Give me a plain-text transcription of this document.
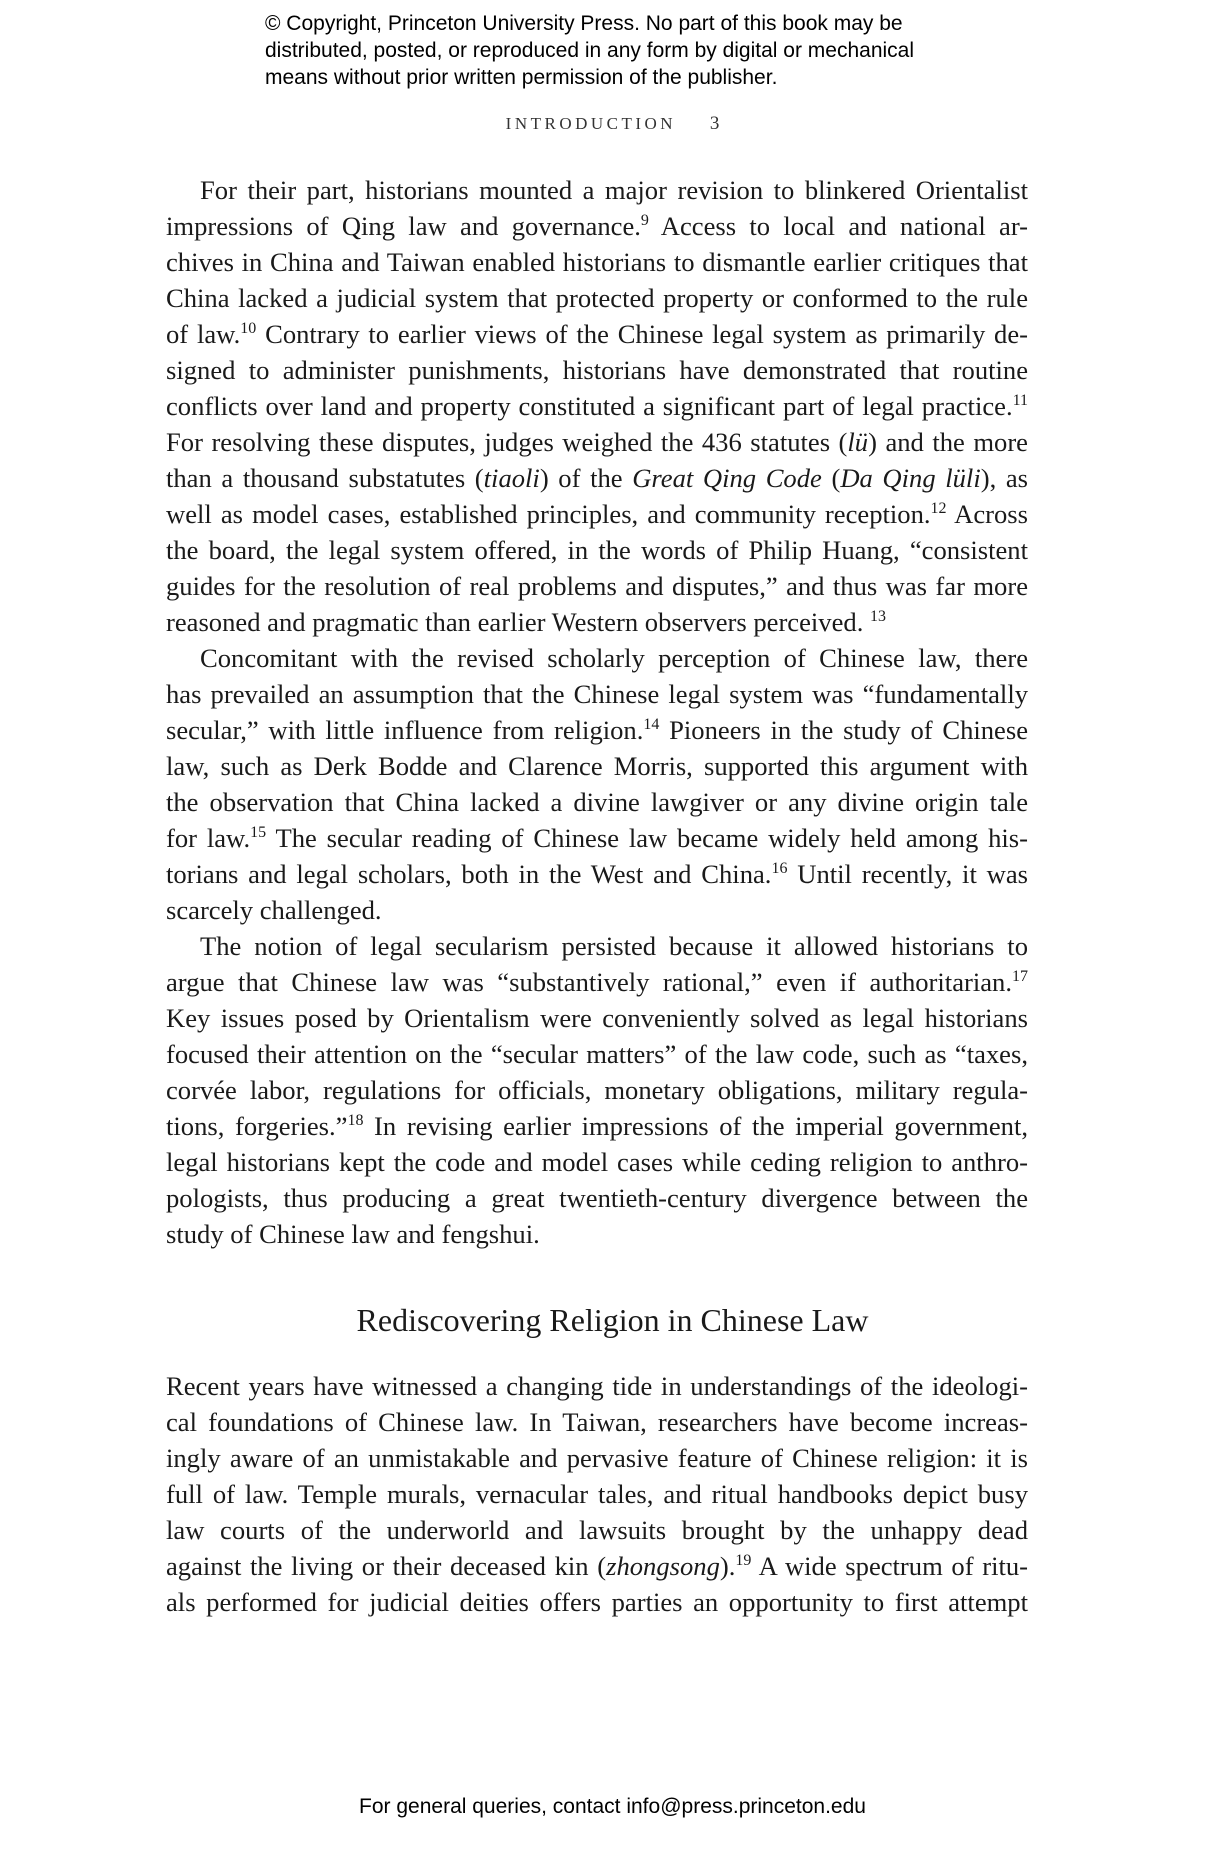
© Copyright, Princeton University Press. No part of this book may be
distributed, posted, or reproduced in any form by digital or mechanical
means without prior written permission of the publisher.
INTRODUCTION 3
For their part, historians mounted a major revision to blinkered Orientalist
impressions of Qing law and governance.$^9$ Access to local and national ar-
chives in China and Taiwan enabled historians to dismantle earlier critiques that
China lacked a judicial system that protected property or conformed to the rule
of law.$^{10}$ Contrary to earlier views of the Chinese legal system as primarily de-
signed to administer punishments, historians have demonstrated that routine
conflicts over land and property constituted a significant part of legal practice.$^{11}$
For resolving these disputes, judges weighed the 436 statutes (lü) and the more
than a thousand substatutes (tiaoli) of the Great Qing Code (Da Qing lüli), as
well as model cases, established principles, and community reception.$^{12}$ Across
the board, the legal system offered, in the words of Philip Huang, “consistent
guides for the resolution of real problems and disputes,” and thus was far more
reasoned and pragmatic than earlier Western observers perceived. $^{13}$
Concomitant with the revised scholarly perception of Chinese law, there
has prevailed an assumption that the Chinese legal system was “fundamentally
secular,” with little influence from religion.$^{14}$ Pioneers in the study of Chinese
law, such as Derk Bodde and Clarence Morris, supported this argument with
the observation that China lacked a divine lawgiver or any divine origin tale
for law.$^{15}$ The secular reading of Chinese law became widely held among his-
torians and legal scholars, both in the West and China.$^{16}$ Until recently, it was
scarcely challenged.
The notion of legal secularism persisted because it allowed historians to
argue that Chinese law was “substantively rational,” even if authoritarian.$^{17}$
Key issues posed by Orientalism were conveniently solved as legal historians
focused their attention on the “secular matters” of the law code, such as “taxes,
corvée labor, regulations for officials, monetary obligations, military regula-
tions, forgeries.”$^{18}$ In revising earlier impressions of the imperial government,
legal historians kept the code and model cases while ceding religion to anthro-
pologists, thus producing a great twentieth-century divergence between the
study of Chinese law and fengshui.
Rediscovering Religion in Chinese Law
Recent years have witnessed a changing tide in understandings of the ideologi-
cal foundations of Chinese law. In Taiwan, researchers have become increas-
ingly aware of an unmistakable and pervasive feature of Chinese religion: it is
full of law. Temple murals, vernacular tales, and ritual handbooks depict busy
law courts of the underworld and lawsuits brought by the unhappy dead
against the living or their deceased kin (zhongsong).$^{19}$ A wide spectrum of ritu-
als performed for judicial deities offers parties an opportunity to first attempt
For general queries, contact info@press.princeton.edu
